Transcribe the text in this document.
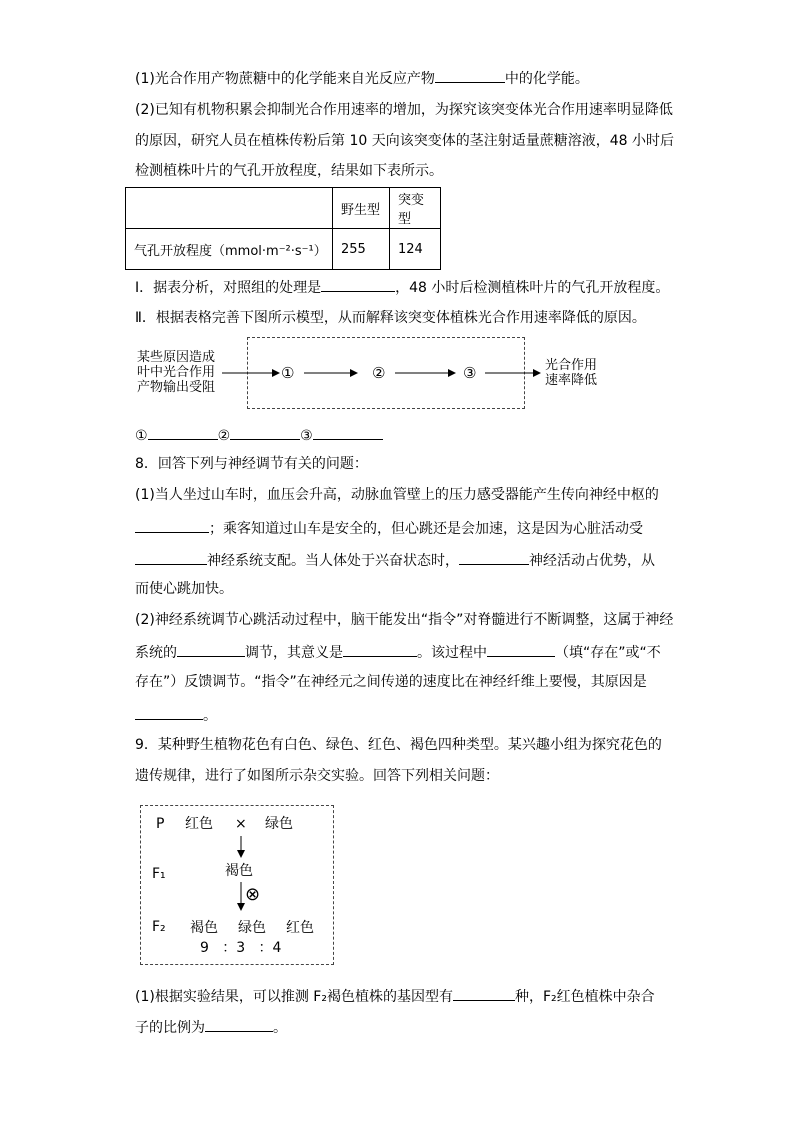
(1)光合作用产物蔗糖中的化学能来自光反应产物	中的化学能。
(2)已知有机物积累会抑制光合作用速率的增加，为探究该突变体光合作用速率明显降低
的原因，研究人员在植株传粉后第 10 天向该突变体的茎注射适量蔗糖溶液，48 小时后
检测植株叶片的气孔开放程度，结果如下表所示。
	野生型	突变型
气孔开放程度（mmol·m⁻²·s⁻¹）	255	124
Ⅰ．据表分析，对照组的处理是	，48 小时后检测植株叶片的气孔开放程度。
Ⅱ．根据表格完善下图所示模型，从而解释该突变体植株光合作用速率降低的原因。
某些原因造成
叶中光合作用
产物输出受阻
①	②	③	光合作用
速率降低
①	②	③
8．回答下列与神经调节有关的问题：
(1)当人坐过山车时，血压会升高，动脉血管壁上的压力感受器能产生传向神经中枢的
；乘客知道过山车是安全的，但心跳还是会加速，这是因为心脏活动受
神经系统支配。当人体处于兴奋状态时，	神经活动占优势，从
而使心跳加快。
(2)神经系统调节心跳活动过程中，脑干能发出“指令”对脊髓进行不断调整，这属于神经
系统的	调节，其意义是	。该过程中	（填“存在”或“不
存在”）反馈调节。“指令”在神经元之间传递的速度比在神经纤维上要慢，其原因是
。
9．某种野生植物花色有白色、绿色、红色、褐色四种类型。某兴趣小组为探究花色的
遗传规律，进行了如图所示杂交实验。回答下列相关问题：
P 红色 × 绿色
F₁	褐色
⊗
F₂ 褐色 绿色 红色
9   ：3   ：4
(1)根据实验结果，可以推测 F₂褐色植株的基因型有	种，F₂红色植株中杂合
子的比例为	。
